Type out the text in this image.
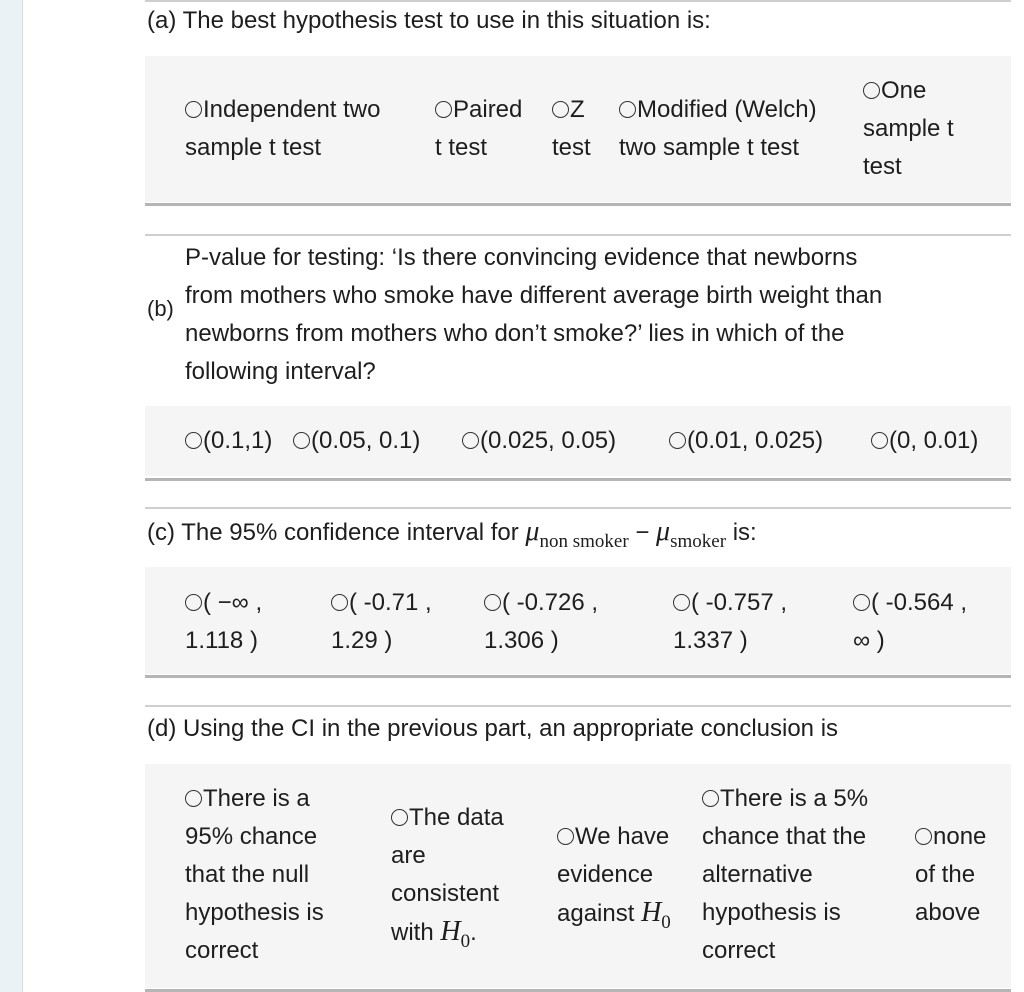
(a) The best hypothesis test to use in this situation is:
Independent two
sample t test
Paired
t test
Z
test
Modified (Welch)
two sample t test
One
sample t
test
(b)
P-value for testing: ‘Is there convincing evidence that newborns
from mothers who smoke have different average birth weight than
newborns from mothers who don’t smoke?’ lies in which of the
following interval?
(0.1,1)	(0.05, 0.1)	(0.025, 0.05)	(0.01, 0.025)	(0, 0.01)
(c) The 95% confidence interval for $\mu_{non smoker} - \mu_{smoker}$ is:
( −∞ ,
1.118 )
( -0.71 ,
1.29 )
( -0.726 ,
1.306 )
( -0.757 ,
1.337 )
( -0.564 ,
∞ )
(d) Using the CI in the previous part, an appropriate conclusion is
There is a
95% chance
that the null
hypothesis is
correct
The data
are
consistent
with $H_0$.
We have
evidence
against $H_0$
There is a 5%
chance that the
alternative
hypothesis is
correct
none
of the
above
